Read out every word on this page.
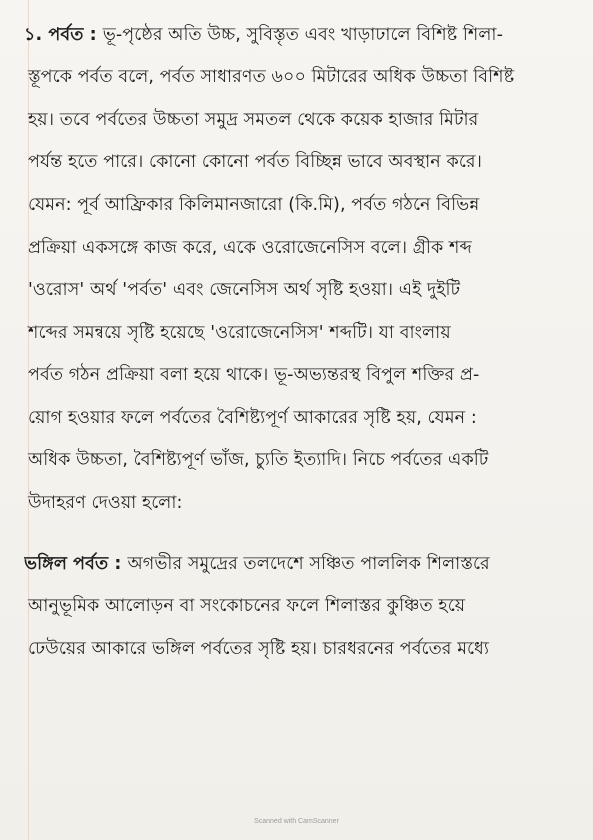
১. পর্বত : ভূ-পৃষ্ঠের অতি উচ্চ, সুবিস্তৃত এবং খাড়াঢালে বিশিষ্ট শিলা-
স্তূপকে পর্বত বলে, পর্বত সাধারণত ৬০০ মিটারের অধিক উচ্চতা বিশিষ্ট
হয়। তবে পর্বতের উচ্চতা সমুদ্র সমতল থেকে কয়েক হাজার মিটার
পর্যন্ত হতে পারে। কোনো কোনো পর্বত বিচ্ছিন্ন ভাবে অবস্থান করে।
যেমন: পূর্ব আফ্রিকার কিলিমানজারো (কি.মি), পর্বত গঠনে বিভিন্ন
প্রক্রিয়া একসঙ্গে কাজ করে, একে ওরোজেনেসিস বলে। গ্রীক শব্দ
'ওরোস' অর্থ 'পর্বত' এবং জেনেসিস অর্থ সৃষ্টি হওয়া। এই দুইটি
শব্দের সমন্বয়ে সৃষ্টি হয়েছে 'ওরোজেনেসিস' শব্দটি। যা বাংলায়
পর্বত গঠন প্রক্রিয়া বলা হয়ে থাকে। ভূ-অভ্যন্তরস্থ বিপুল শক্তির প্র-
য়োগ হওয়ার ফলে পর্বতের বৈশিষ্ট্যপূর্ণ আকারের সৃষ্টি হয়, যেমন :
অধিক উচ্চতা, বৈশিষ্ট্যপূর্ণ ভাঁজ, চ্যুতি ইত্যাদি। নিচে পর্বতের একটি
উদাহরণ দেওয়া হলো:
ভঙ্গিল পর্বত : অগভীর সমুদ্রের তলদেশে সঞ্চিত পাললিক শিলাস্তরে
আনুভূমিক আলোড়ন বা সংকোচনের ফলে শিলাস্তর কুঞ্চিত হয়ে
ঢেউয়ের আকারে ভঙ্গিল পর্বতের সৃষ্টি হয়। চারধরনের পর্বতের মধ্যে
Scanned with CamScanner
